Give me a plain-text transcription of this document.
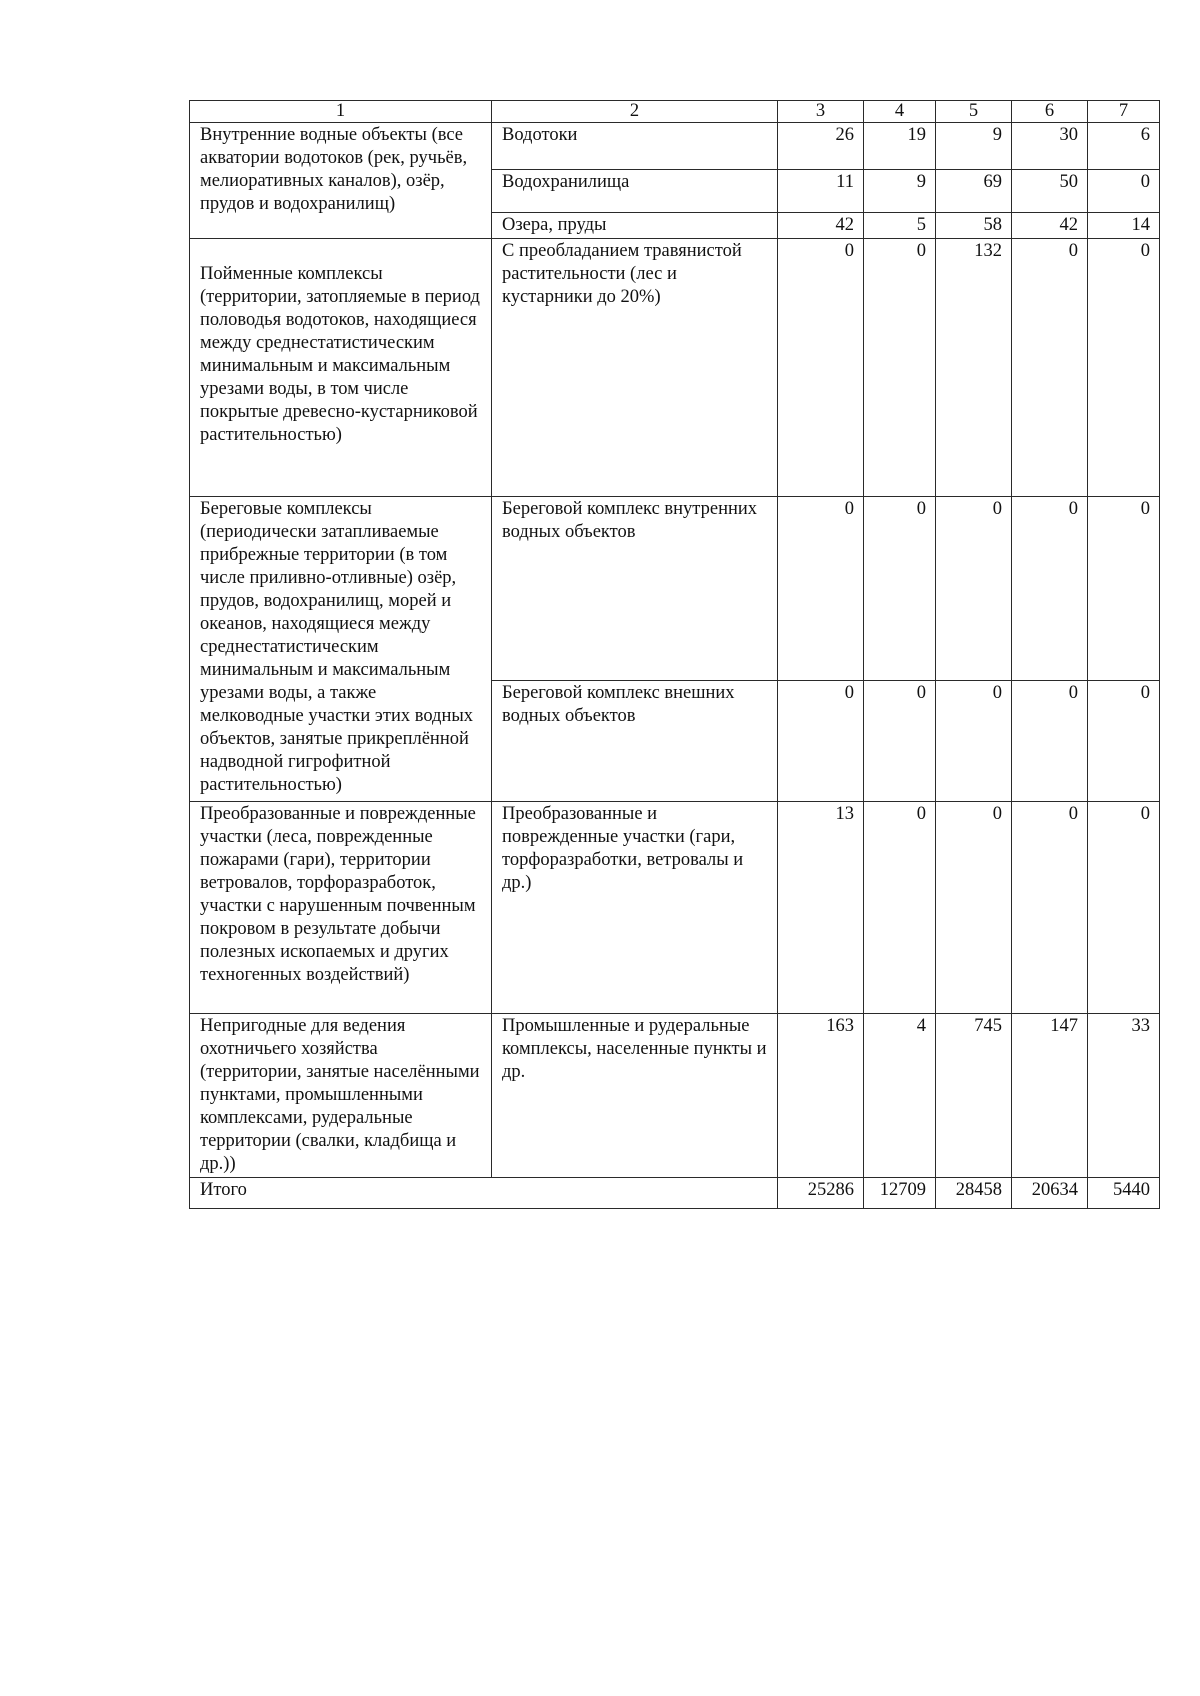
1	2	3	4	5	6	7
Внутренние водные объекты (все акватории водотоков (рек, ручьёв, мелиоративных каналов), озёр, прудов и водохранилищ)	Водотоки	26	19	9	30	6
	Водохранилища	11	9	69	50	0
	Озера, пруды	42	5	58	42	14
Пойменные комплексы (территории, затопляемые в период половодья водотоков, находящиеся между среднестатистическим минимальным и максимальным урезами воды, в том числе покрытые древесно-кустарниковой растительностью)	С преобладанием травянистой растительности (лес и кустарники до 20%)	0	0	132	0	0
Береговые комплексы (периодически затапливаемые прибрежные территории (в том числе приливно-отливные) озёр, прудов, водохранилищ, морей и океанов, находящиеся между среднестатистическим минимальным и максимальным урезами воды, а также мелководные участки этих водных объектов, занятые прикреплённой надводной гигрофитной растительностью)	Береговой комплекс внутренних водных объектов	0	0	0	0	0
	Береговой комплекс внешних водных объектов	0	0	0	0	0
Преобразованные и поврежденные участки (леса, поврежденные пожарами (гари), территории ветровалов, торфоразработок, участки с нарушенным почвенным покровом в результате добычи полезных ископаемых и других техногенных воздействий)	Преобразованные и поврежденные участки (гари, торфоразработки, ветровалы и др.)	13	0	0	0	0
Непригодные для ведения охотничьего хозяйства (территории, занятые населёнными пунктами, промышленными комплексами, рудеральные территории (свалки, кладбища и др.))	Промышленные и рудеральные комплексы, населенные пункты и др.	163	4	745	147	33
Итого		25286	12709	28458	20634	5440
